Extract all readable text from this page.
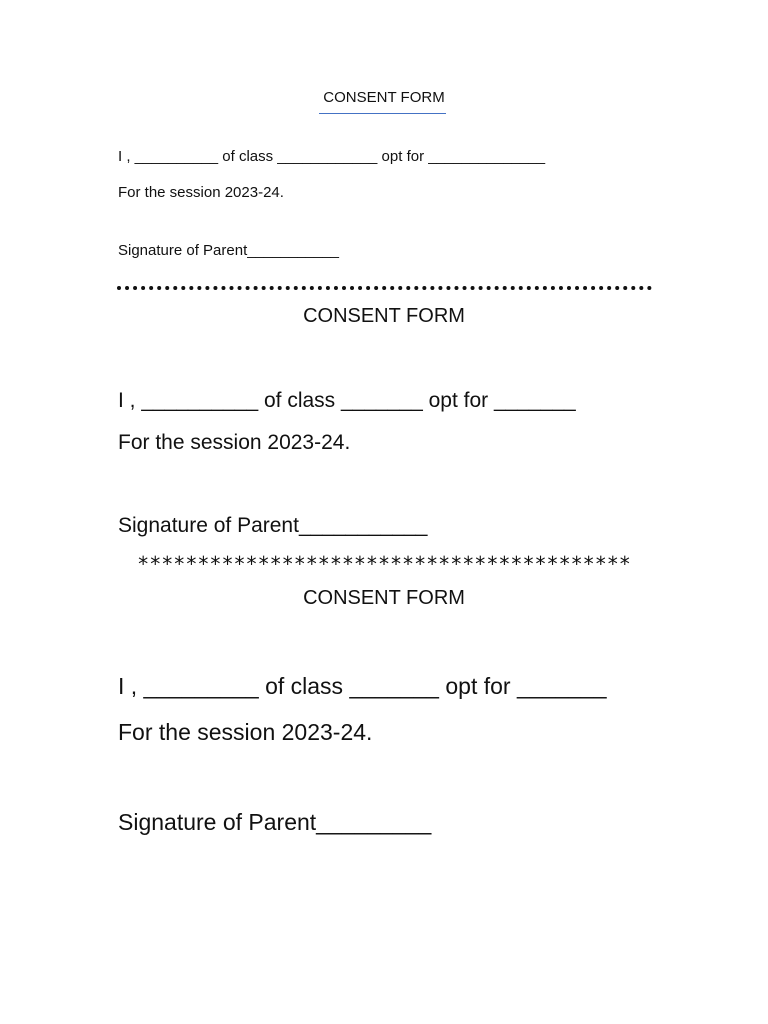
CONSENT FORM

I , __________ of class ____________ opt for ______________

For the session 2023-24.

Signature of Parent___________

CONSENT FORM

I , __________ of class _______ opt for _______

For the session 2023-24.

Signature of Parent___________

*****************************************

CONSENT FORM

I , _________ of class _______ opt for _______

For the session 2023-24.

Signature of Parent_________
